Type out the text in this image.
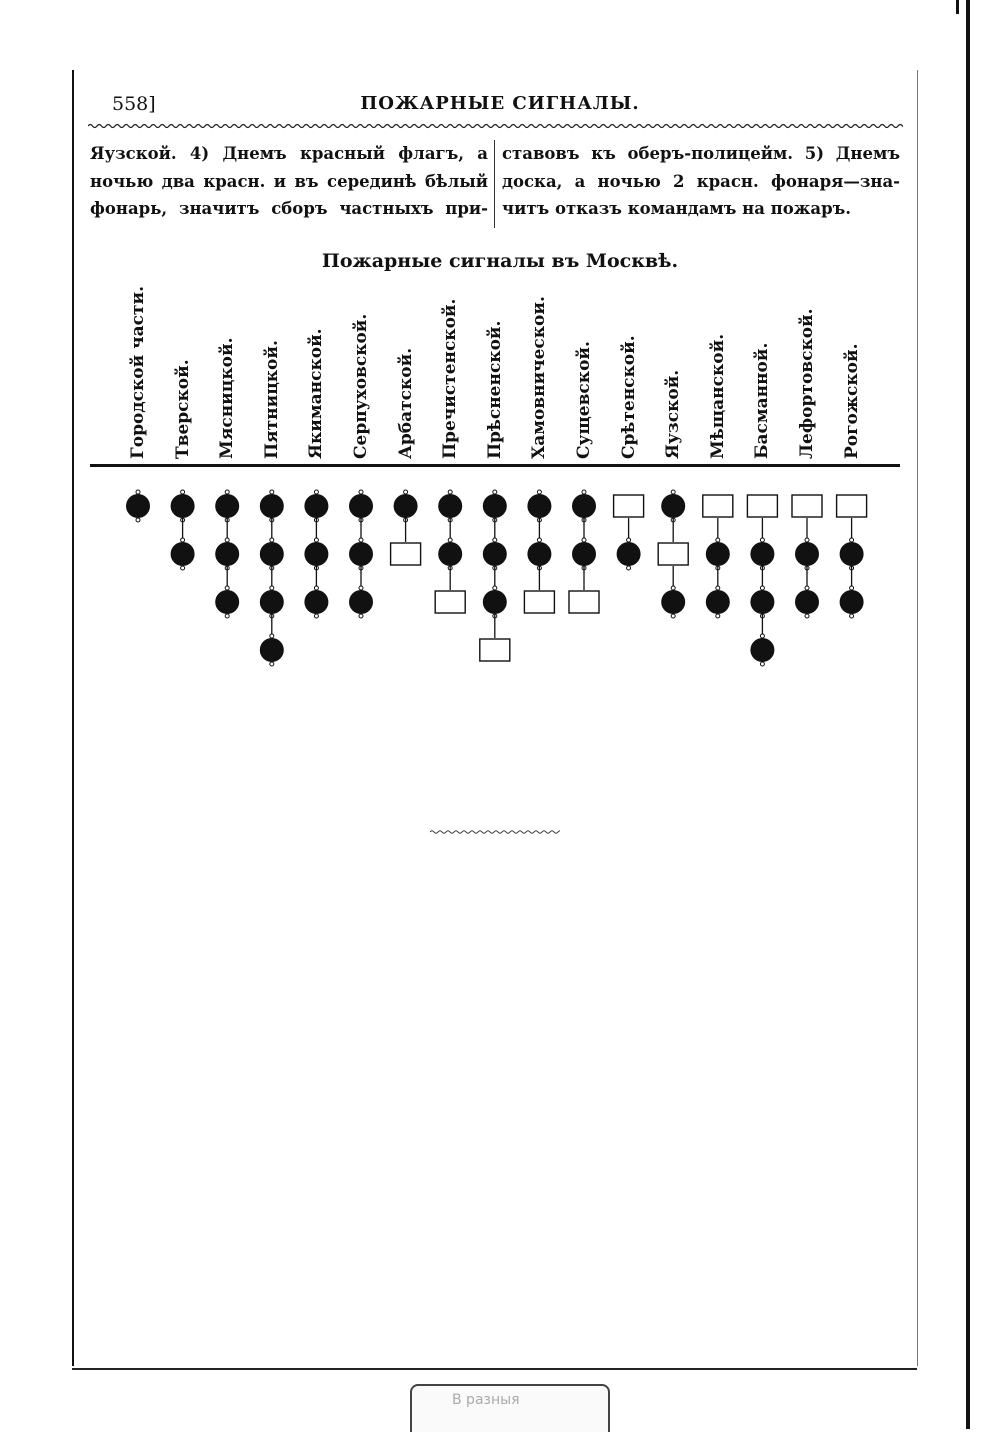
558]	ПОЖАРНЫЕ СИГНАЛЫ.
Яузской. 4) Днемъ красный флагъ, а
ночью два красн. и въ серединѣ бѣлый
фонарь, значитъ сборъ частныхъ при-
ставовъ къ оберъ-полицейм. 5) Днемъ
доска, а ночью 2 красн. фонаря—зна-
читъ отказъ командамъ на пожаръ.
Пожарные сигналы въ Москвѣ.
Городской части. Тверской. Мясницкой. Пятницкой. Якиманской. Серпуховской. Арбатской. Пречистенской. Прѣсненской. Хамовническои. Сущевской. Срѣтенской. Яузской. Мѣщанской. Басманной. Лефортовской. Рогожской.
В разныя
